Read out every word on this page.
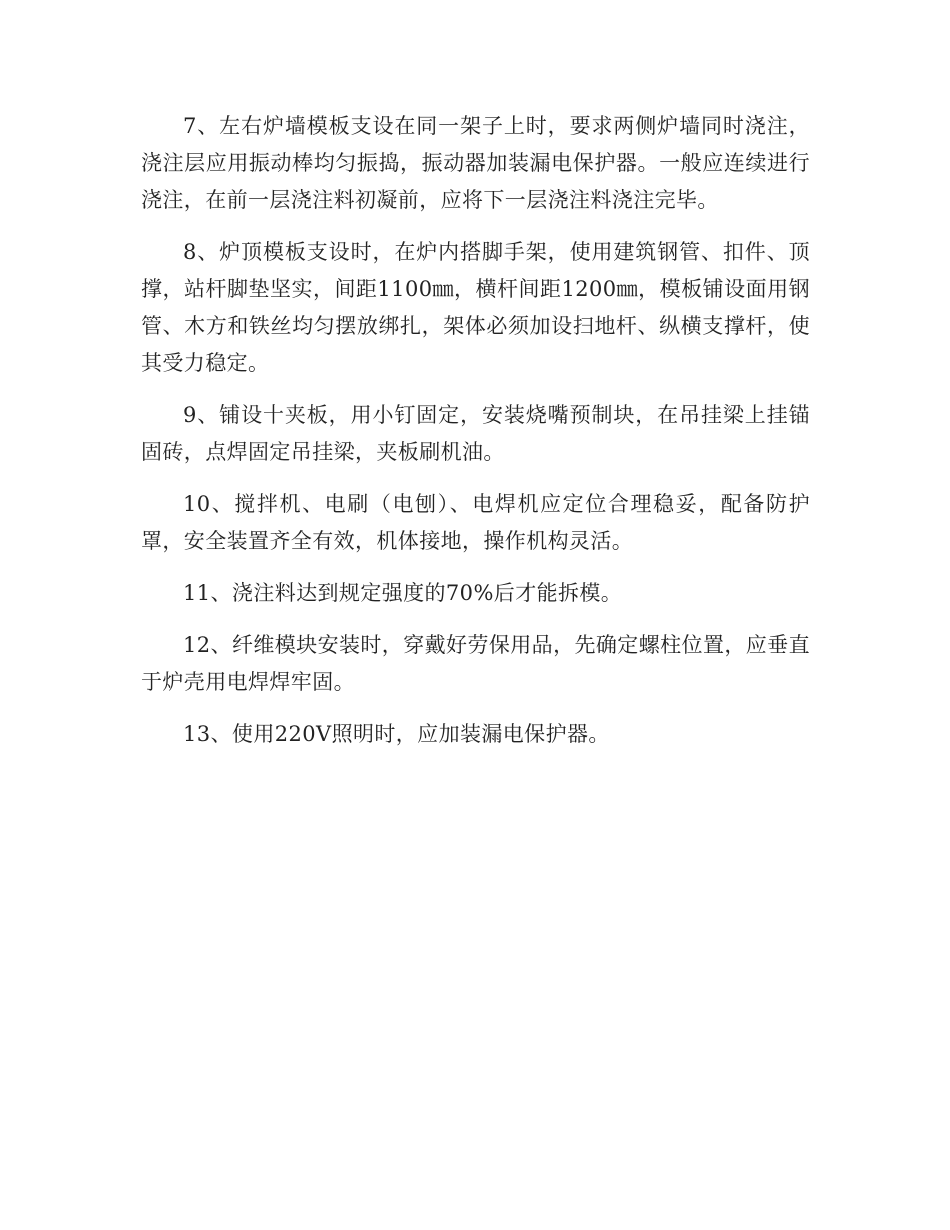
7、左右炉墙模板支设在同一架子上时，要求两侧炉墙同时浇注，浇注层应用振动棒均匀振捣，振动器加装漏电保护器。一般应连续进行浇注，在前一层浇注料初凝前，应将下一层浇注料浇注完毕。

8、炉顶模板支设时，在炉内搭脚手架，使用建筑钢管、扣件、顶撑，站杆脚垫坚实，间距1100㎜，横杆间距1200㎜，模板铺设面用钢管、木方和铁丝均匀摆放绑扎，架体必须加设扫地杆、纵横支撑杆，使其受力稳定。

9、铺设十夹板，用小钉固定，安装烧嘴预制块，在吊挂梁上挂锚固砖，点焊固定吊挂梁，夹板刷机油。

10、搅拌机、电刷（电刨）、电焊机应定位合理稳妥，配备防护罩，安全装置齐全有效，机体接地，操作机构灵活。

11、浇注料达到规定强度的70%后才能拆模。

12、纤维模块安装时，穿戴好劳保用品，先确定螺柱位置，应垂直于炉壳用电焊焊牢固。

13、使用220V照明时，应加装漏电保护器。
